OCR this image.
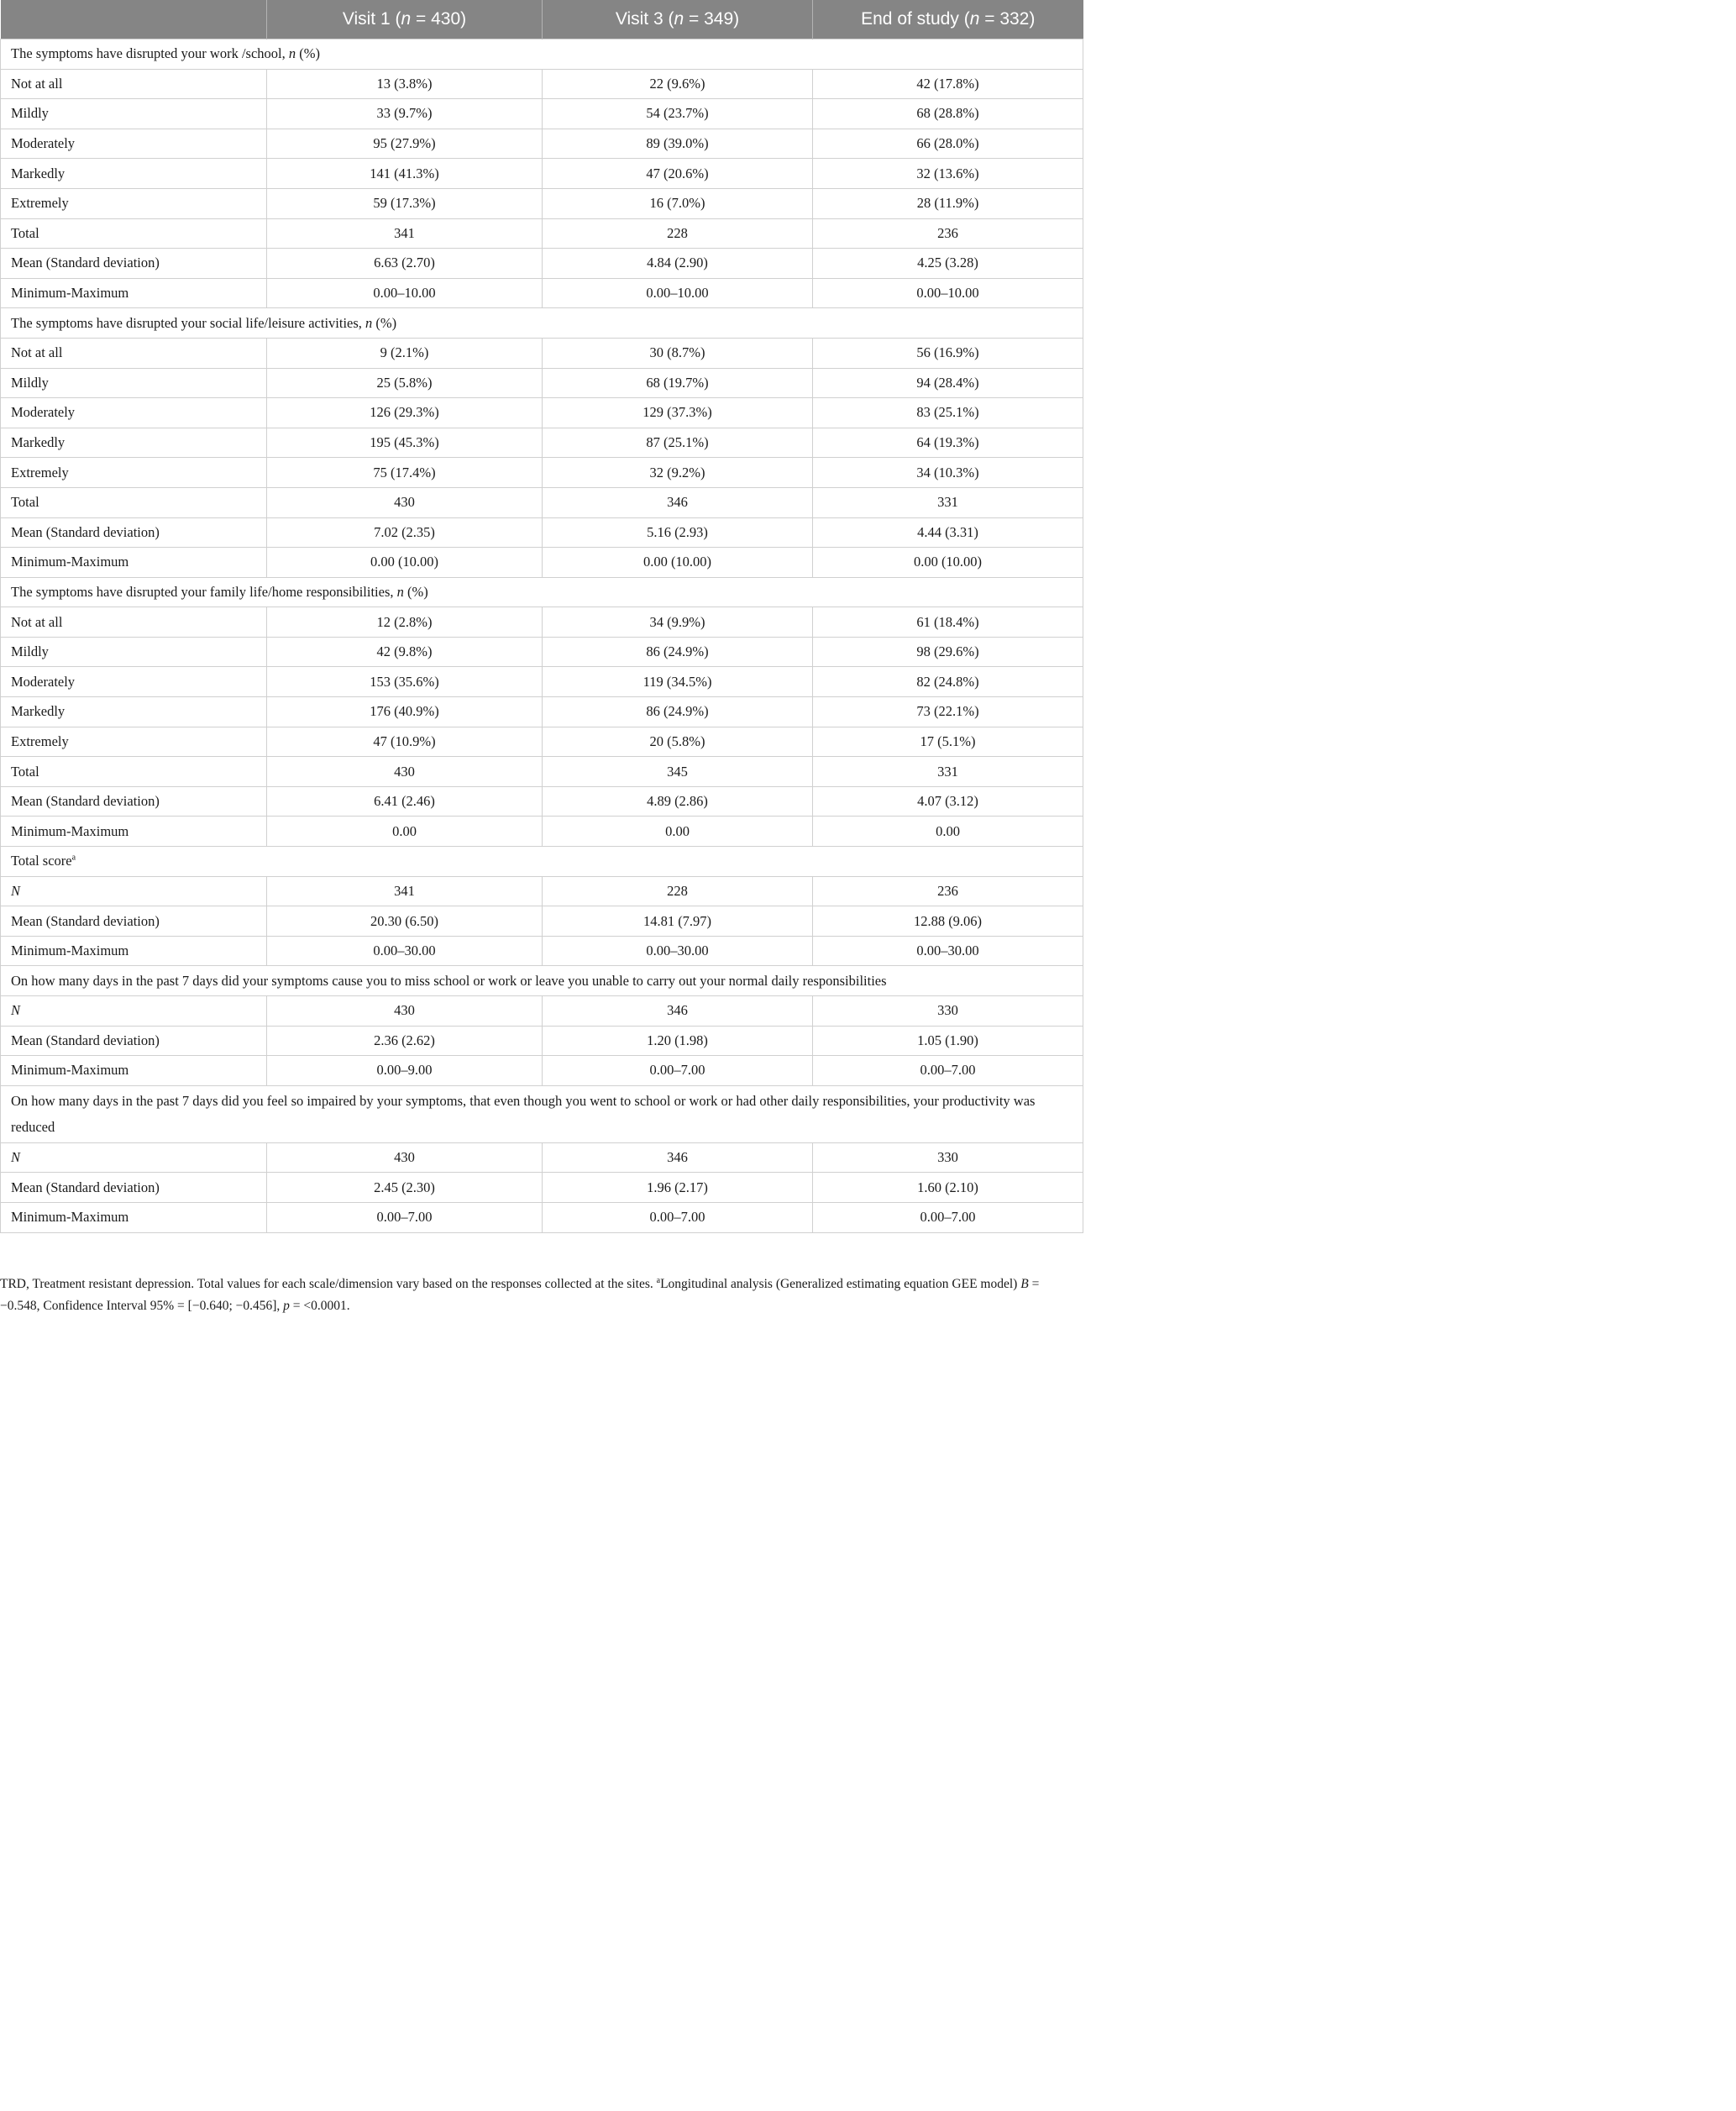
	Visit 1 (n = 430)	Visit 3 (n = 349)	End of study (n = 332)
The symptoms have disrupted your work /school, n (%)			
Not at all	13 (3.8%)	22 (9.6%)	42 (17.8%)
Mildly	33 (9.7%)	54 (23.7%)	68 (28.8%)
Moderately	95 (27.9%)	89 (39.0%)	66 (28.0%)
Markedly	141 (41.3%)	47 (20.6%)	32 (13.6%)
Extremely	59 (17.3%)	16 (7.0%)	28 (11.9%)
Total	341	228	236
Mean (Standard deviation)	6.63 (2.70)	4.84 (2.90)	4.25 (3.28)
Minimum-Maximum	0.00–10.00	0.00–10.00	0.00–10.00
The symptoms have disrupted your social life/leisure activities, n (%)			
Not at all	9 (2.1%)	30 (8.7%)	56 (16.9%)
Mildly	25 (5.8%)	68 (19.7%)	94 (28.4%)
Moderately	126 (29.3%)	129 (37.3%)	83 (25.1%)
Markedly	195 (45.3%)	87 (25.1%)	64 (19.3%)
Extremely	75 (17.4%)	32 (9.2%)	34 (10.3%)
Total	430	346	331
Mean (Standard deviation)	7.02 (2.35)	5.16 (2.93)	4.44 (3.31)
Minimum-Maximum	0.00 (10.00)	0.00 (10.00)	0.00 (10.00)
The symptoms have disrupted your family life/home responsibilities, n (%)			
Not at all	12 (2.8%)	34 (9.9%)	61 (18.4%)
Mildly	42 (9.8%)	86 (24.9%)	98 (29.6%)
Moderately	153 (35.6%)	119 (34.5%)	82 (24.8%)
Markedly	176 (40.9%)	86 (24.9%)	73 (22.1%)
Extremely	47 (10.9%)	20 (5.8%)	17 (5.1%)
Total	430	345	331
Mean (Standard deviation)	6.41 (2.46)	4.89 (2.86)	4.07 (3.12)
Minimum-Maximum	0.00	0.00	0.00
Total score$^a$
N	341	228	236
Mean (Standard deviation)	20.30 (6.50)	14.81 (7.97)	12.88 (9.06)
Minimum-Maximum	0.00–30.00	0.00–30.00	0.00–30.00
On how many days in the past 7 days did your symptoms cause you to miss school or work or leave you unable to carry out your normal daily responsibilities			
N	430	346	330
Mean (Standard deviation)	2.36 (2.62)	1.20 (1.98)	1.05 (1.90)
Minimum-Maximum	0.00–9.00	0.00–7.00	0.00–7.00
On how many days in the past 7 days did you feel so impaired by your symptoms, that even though you went to school or work or had other daily responsibilities, your productivity was reduced			
N	430	346	330
Mean (Standard deviation)	2.45 (2.30)	1.96 (2.17)	1.60 (2.10)
Minimum-Maximum	0.00–7.00	0.00–7.00	0.00–7.00
TRD, Treatment resistant depression. Total values for each scale/dimension vary based on the responses collected at the sites. $^a$Longitudinal analysis (Generalized estimating equation GEE model) B = −0.548, Confidence Interval 95% = [−0.640; −0.456], p = <0.0001.
